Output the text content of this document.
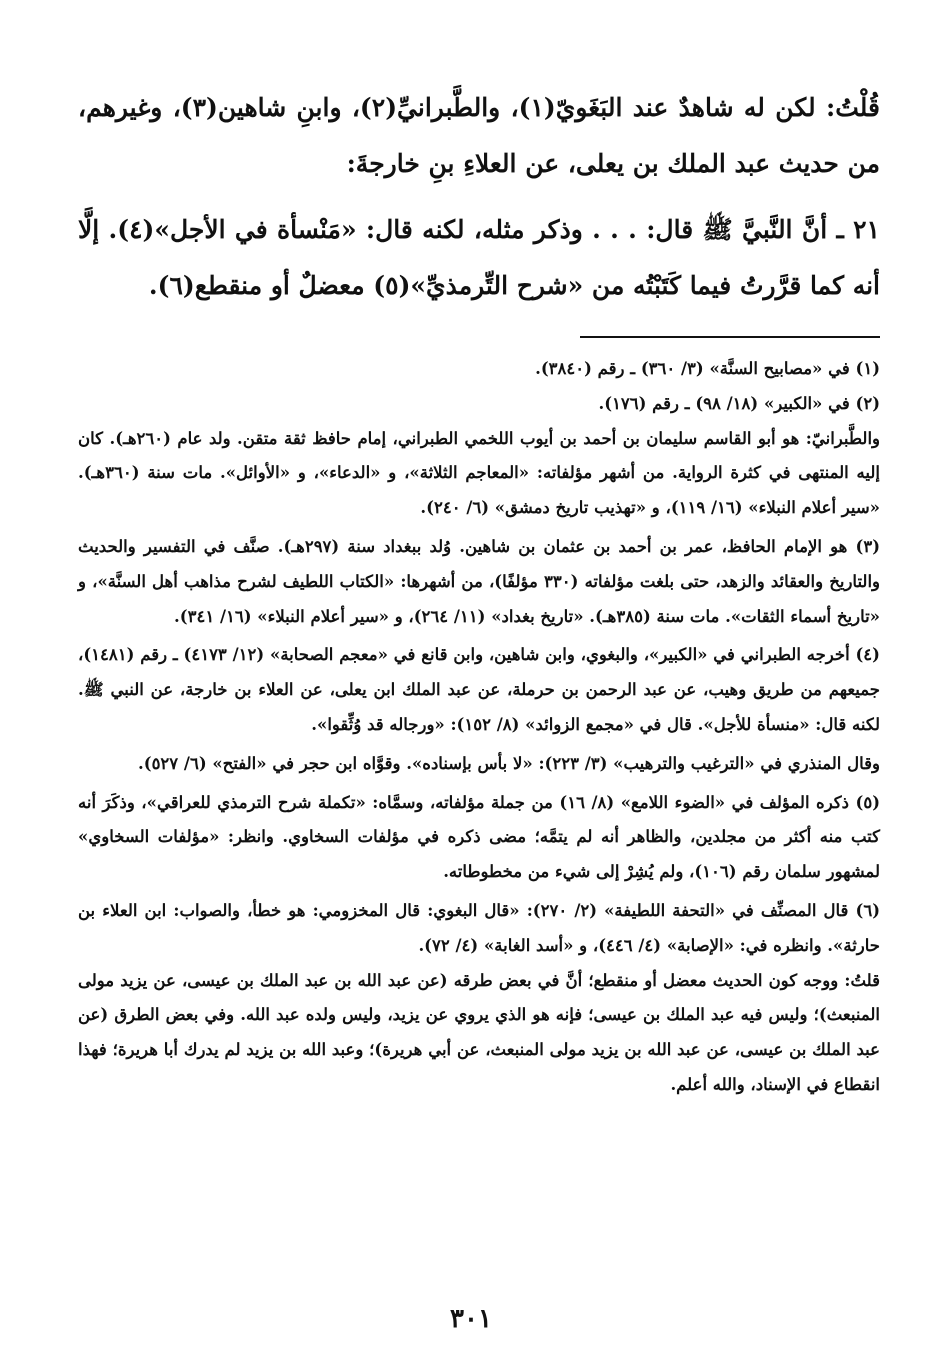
قُلْتُ: لكن له شاهدٌ عند البَغَويّ(١)، والطَّبرانيِّ(٢)، وابنِ شاهين(٣)، وغيرهم، من حديث عبد الملك بن يعلى، عن العلاءِ بنِ خارجةَ:

٢١ ـ أنَّ النَّبيَّ ﷺ قال: . . . وذكر مثله، لكنه قال: «مَنْسأة في الأجل»(٤). إلَّا أنه كما قرَّرتُ فيما كَتَبْتُه من «شرح التِّرمذيِّ»(٥) معضلٌ أو منقطع(٦).

(١) في «مصابيح السنَّة» (٣/ ٣٦٠) ـ رقم (٣٨٤٠).

(٢) في «الكبير» (١٨/ ٩٨) ـ رقم (١٧٦).

والطَّبرانيّ: هو أبو القاسم سليمان بن أحمد بن أيوب اللخمي الطبراني، إمام حافظ ثقة متقن. ولد عام (٢٦٠هـ). كان إليه المنتهى في كثرة الرواية. من أشهر مؤلفاته: «المعاجم الثلاثة»، و «الدعاء»، و «الأوائل». مات سنة (٣٦٠هـ). «سير أعلام النبلاء» (١٦/ ١١٩)، و «تهذيب تاريخ دمشق» (٦/ ٢٤٠).

(٣) هو الإمام الحافظ، عمر بن أحمد بن عثمان بن شاهين. وُلد ببغداد سنة (٢٩٧هـ). صنَّف في التفسير والحديث والتاريخ والعقائد والزهد، حتى بلغت مؤلفاته (٣٣٠ مؤلفًا)، من أشهرها: «الكتاب اللطيف لشرح مذاهب أهل السنَّة»، و «تاريخ أسماء الثقات». مات سنة (٣٨٥هـ). «تاريخ بغداد» (١١/ ٢٦٤)، و «سير أعلام النبلاء» (١٦/ ٣٤١).

(٤) أخرجه الطبراني في «الكبير»، والبغوي، وابن شاهين، وابن قانع في «معجم الصحابة» (١٢/ ٤١٧٣) ـ رقم (١٤٨١)، جميعهم من طريق وهيب، عن عبد الرحمن بن حرملة، عن عبد الملك ابن يعلى، عن العلاء بن خارجة، عن النبي ﷺ. لكنه قال: «منسأة للأجل». قال في «مجمع الزوائد» (٨/ ١٥٢): «ورجاله قد وُثِّقوا».

وقال المنذري في «الترغيب والترهيب» (٣/ ٢٢٣): «لا بأس بإسناده». وقوَّاه ابن حجر في «الفتح» (٦/ ٥٢٧).

(٥) ذكره المؤلف في «الضوء اللامع» (٨/ ١٦) من جملة مؤلفاته، وسمَّاه: «تكملة شرح الترمذي للعراقي»، وذكَرَ أنه كتب منه أكثر من مجلدين، والظاهر أنه لم يتمَّه؛ مضى ذكره في مؤلفات السخاوي. وانظر: «مؤلفات السخاوي» لمشهور سلمان رقم (١٠٦)، ولم يُشِرْ إلى شيء من مخطوطاته.

(٦) قال المصنِّف في «التحفة اللطيفة» (٢/ ٢٧٠): «قال البغوي: قال المخزومي: هو خطأ، والصواب: ابن العلاء بن حارثة». وانظره في: «الإصابة» (٤/ ٤٤٦)، و «أسد الغابة» (٤/ ٧٢).

قلتُ: ووجه كون الحديث معضل أو منقطع؛ أنَّ في بعض طرقه (عن عبد الله بن عبد الملك بن عيسى، عن يزيد مولى المنبعث)؛ وليس فيه عبد الملك بن عيسى؛ فإنه هو الذي يروي عن يزيد، وليس ولده عبد الله. وفي بعض الطرق (عن عبد الملك بن عيسى، عن عبد الله بن يزيد مولى المنبعث، عن أبي هريرة)؛ وعبد الله بن يزيد لم يدرك أبا هريرة؛ فهذا انقطاع في الإسناد، والله أعلم.

٣٠١
